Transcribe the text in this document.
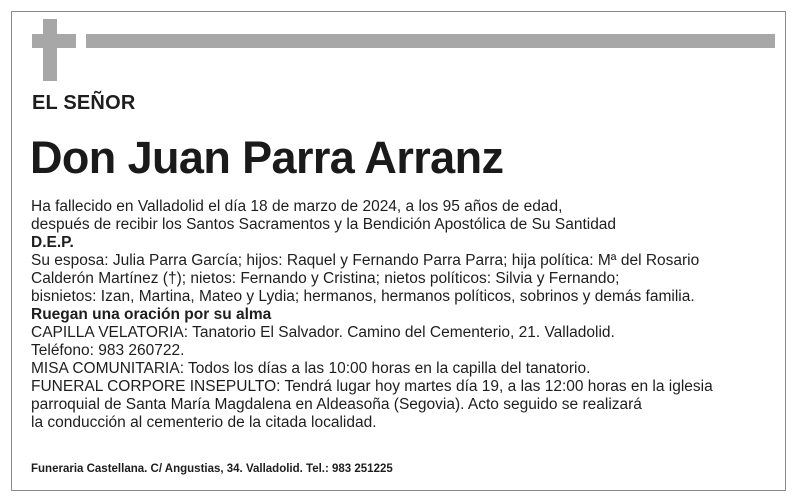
EL SEÑOR
Don Juan Parra Arranz
Ha fallecido en Valladolid el día 18 de marzo de 2024, a los 95 años de edad,
después de recibir los Santos Sacramentos y la Bendición Apostólica de Su Santidad
D.E.P.
Su esposa: Julia Parra García; hijos: Raquel y Fernando Parra Parra; hija política: Mª del Rosario
Calderón Martínez (†); nietos: Fernando y Cristina; nietos políticos: Silvia y Fernando;
bisnietos: Izan, Martina, Mateo y Lydia; hermanos, hermanos políticos, sobrinos y demás familia.
Ruegan una oración por su alma
CAPILLA VELATORIA: Tanatorio El Salvador. Camino del Cementerio, 21. Valladolid.
Teléfono: 983 260722.
MISA COMUNITARIA: Todos los días a las 10:00 horas en la capilla del tanatorio.
FUNERAL CORPORE INSEPULTO: Tendrá lugar hoy martes día 19, a las 12:00 horas en la iglesia
parroquial de Santa María Magdalena en Aldeasoña (Segovia). Acto seguido se realizará
la conducción al cementerio de la citada localidad.
Funeraria Castellana. C/ Angustias, 34. Valladolid. Tel.: 983 251225
